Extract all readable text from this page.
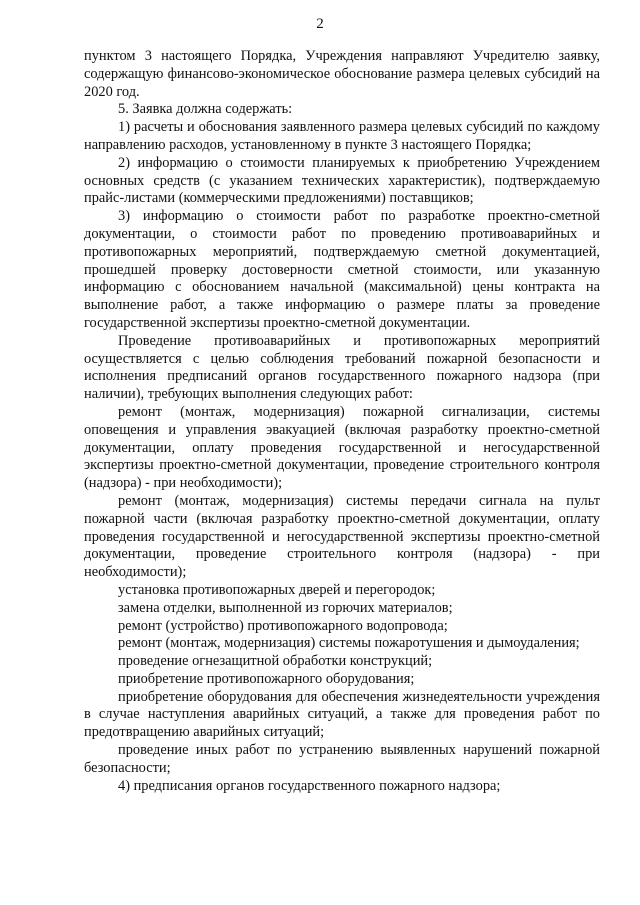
2

пунктом 3 настоящего Порядка, Учреждения направляют Учредителю заявку, содержащую финансово-экономическое обоснование размера целевых субсидий на 2020 год.

5. Заявка должна содержать:

1) расчеты и обоснования заявленного размера целевых субсидий по каждому направлению расходов, установленному в пункте 3 настоящего Порядка;

2) информацию о стоимости планируемых к приобретению Учреждением основных средств (с указанием технических характеристик), подтверждаемую прайс-листами (коммерческими предложениями) поставщиков;

3) информацию о стоимости работ по разработке проектно-сметной документации, о стоимости работ по проведению противоаварийных и противопожарных мероприятий, подтверждаемую сметной документацией, прошедшей проверку достоверности сметной стоимости, или указанную информацию с обоснованием начальной (максимальной) цены контракта на выполнение работ, а также информацию о размере платы за проведение государственной экспертизы проектно-сметной документации.

Проведение противоаварийных и противопожарных мероприятий осуществляется с целью соблюдения требований пожарной безопасности и исполнения предписаний органов государственного пожарного надзора (при наличии), требующих выполнения следующих работ:

ремонт (монтаж, модернизация) пожарной сигнализации, системы оповещения и управления эвакуацией (включая разработку проектно-сметной документации, оплату проведения государственной и негосударственной экспертизы проектно-сметной документации, проведение строительного контроля (надзора) - при необходимости);

ремонт (монтаж, модернизация) системы передачи сигнала на пульт пожарной части (включая разработку проектно-сметной документации, оплату проведения государственной и негосударственной экспертизы проектно-сметной документации, проведение строительного контроля (надзора) - при необходимости);

установка противопожарных дверей и перегородок;

замена отделки, выполненной из горючих материалов;

ремонт (устройство) противопожарного водопровода;

ремонт (монтаж, модернизация) системы пожаротушения и дымоудаления;

проведение огнезащитной обработки конструкций;

приобретение противопожарного оборудования;

приобретение оборудования для обеспечения жизнедеятельности учреждения в случае наступления аварийных ситуаций, а также для проведения работ по предотвращению аварийных ситуаций;

проведение иных работ по устранению выявленных нарушений пожарной безопасности;

4) предписания органов государственного пожарного надзора;
